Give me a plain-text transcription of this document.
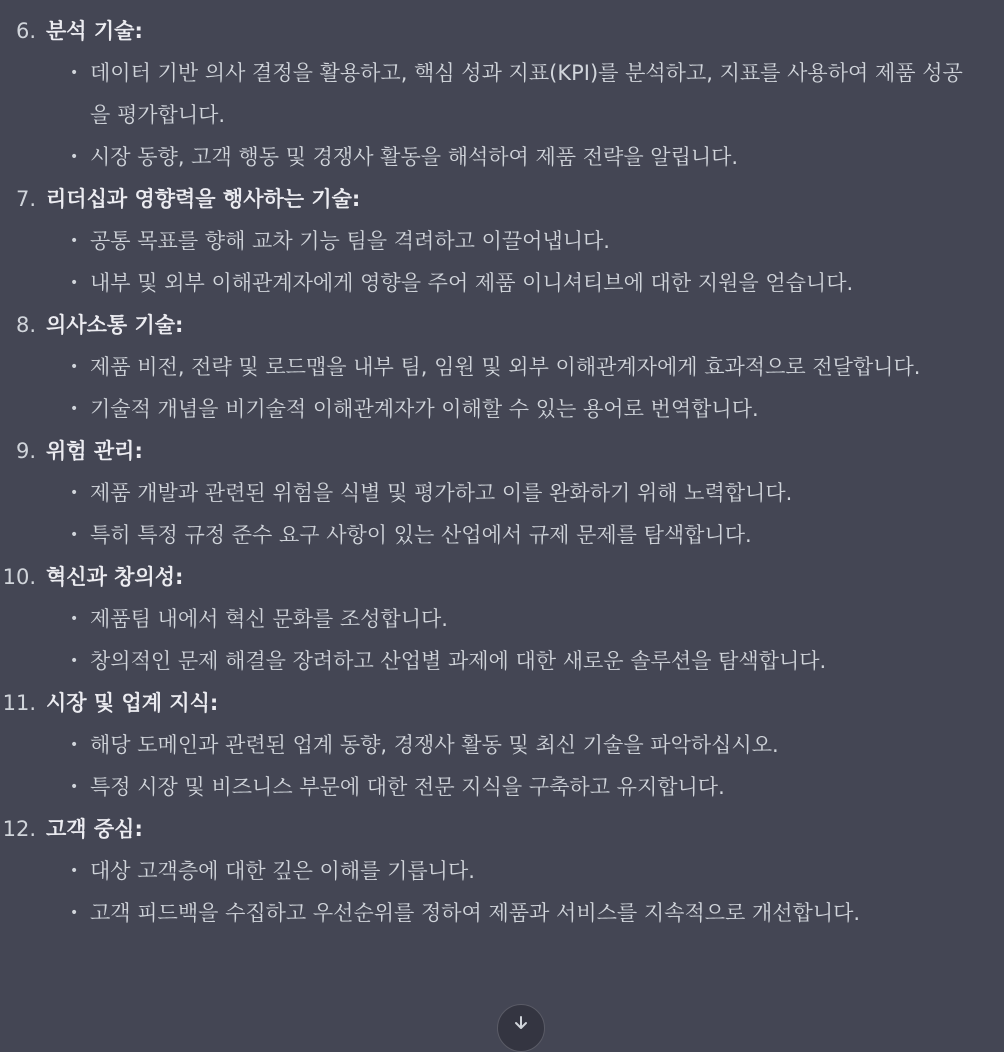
6. 분석 기술:
• 데이터 기반 의사 결정을 활용하고, 핵심 성과 지표(KPI)를 분석하고, 지표를 사용하여 제품 성공을 평가합니다.
• 시장 동향, 고객 행동 및 경쟁사 활동을 해석하여 제품 전략을 알립니다.
7. 리더십과 영향력을 행사하는 기술:
• 공통 목표를 향해 교차 기능 팀을 격려하고 이끌어냅니다.
• 내부 및 외부 이해관계자에게 영향을 주어 제품 이니셔티브에 대한 지원을 얻습니다.
8. 의사소통 기술:
• 제품 비전, 전략 및 로드맵을 내부 팀, 임원 및 외부 이해관계자에게 효과적으로 전달합니다.
• 기술적 개념을 비기술적 이해관계자가 이해할 수 있는 용어로 번역합니다.
9. 위험 관리:
• 제품 개발과 관련된 위험을 식별 및 평가하고 이를 완화하기 위해 노력합니다.
• 특히 특정 규정 준수 요구 사항이 있는 산업에서 규제 문제를 탐색합니다.
10. 혁신과 창의성:
• 제품팀 내에서 혁신 문화를 조성합니다.
• 창의적인 문제 해결을 장려하고 산업별 과제에 대한 새로운 솔루션을 탐색합니다.
11. 시장 및 업계 지식:
• 해당 도메인과 관련된 업계 동향, 경쟁사 활동 및 최신 기술을 파악하십시오.
• 특정 시장 및 비즈니스 부문에 대한 전문 지식을 구축하고 유지합니다.
12. 고객 중심:
• 대상 고객층에 대한 깊은 이해를 기릅니다.
• 고객 피드백을 수집하고 우선순위를 정하여 제품과 서비스를 지속적으로 개선합니다.
